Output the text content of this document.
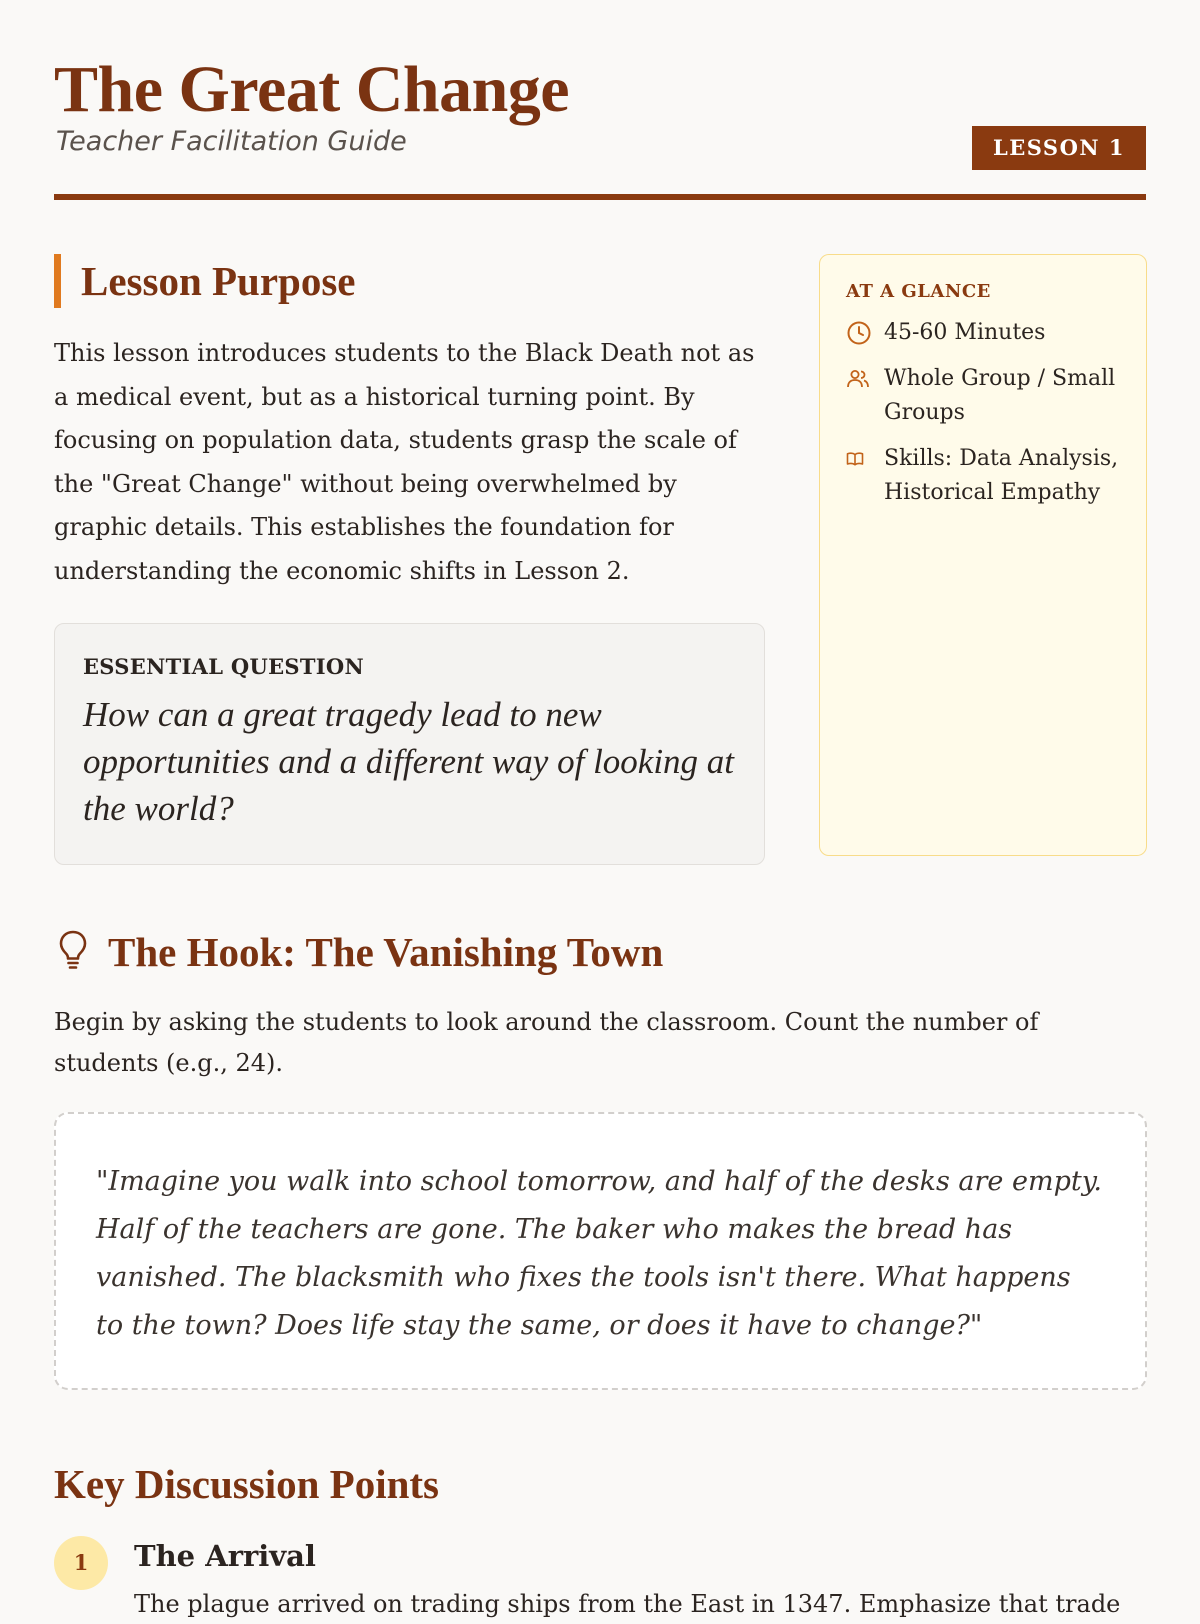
The Great Change
Teacher Facilitation Guide	LESSON 1
Lesson Purpose

This lesson introduces students to the Black Death not as a medical event, but as a historical turning point. By focusing on population data, students grasp the scale of the "Great Change" without being overwhelmed by graphic details. This establishes the foundation for understanding the economic shifts in Lesson 2.

ESSENTIAL QUESTION
How can a great tragedy lead to new opportunities and a different way of looking at the world?
AT A GLANCE
45-60 Minutes
Whole Group / Small Groups
Skills: Data Analysis, Historical Empathy
The Hook: The Vanishing Town

Begin by asking the students to look around the classroom. Count the number of students (e.g., 24).

"Imagine you walk into school tomorrow, and half of the desks are empty. Half of the teachers are gone. The baker who makes the bread has vanished. The blacksmith who fixes the tools isn't there. What happens to the town? Does life stay the same, or does it have to change?"

Key Discussion Points
1	The Arrival

The plague arrived on trading ships from the East in 1347. Emphasize that trade
